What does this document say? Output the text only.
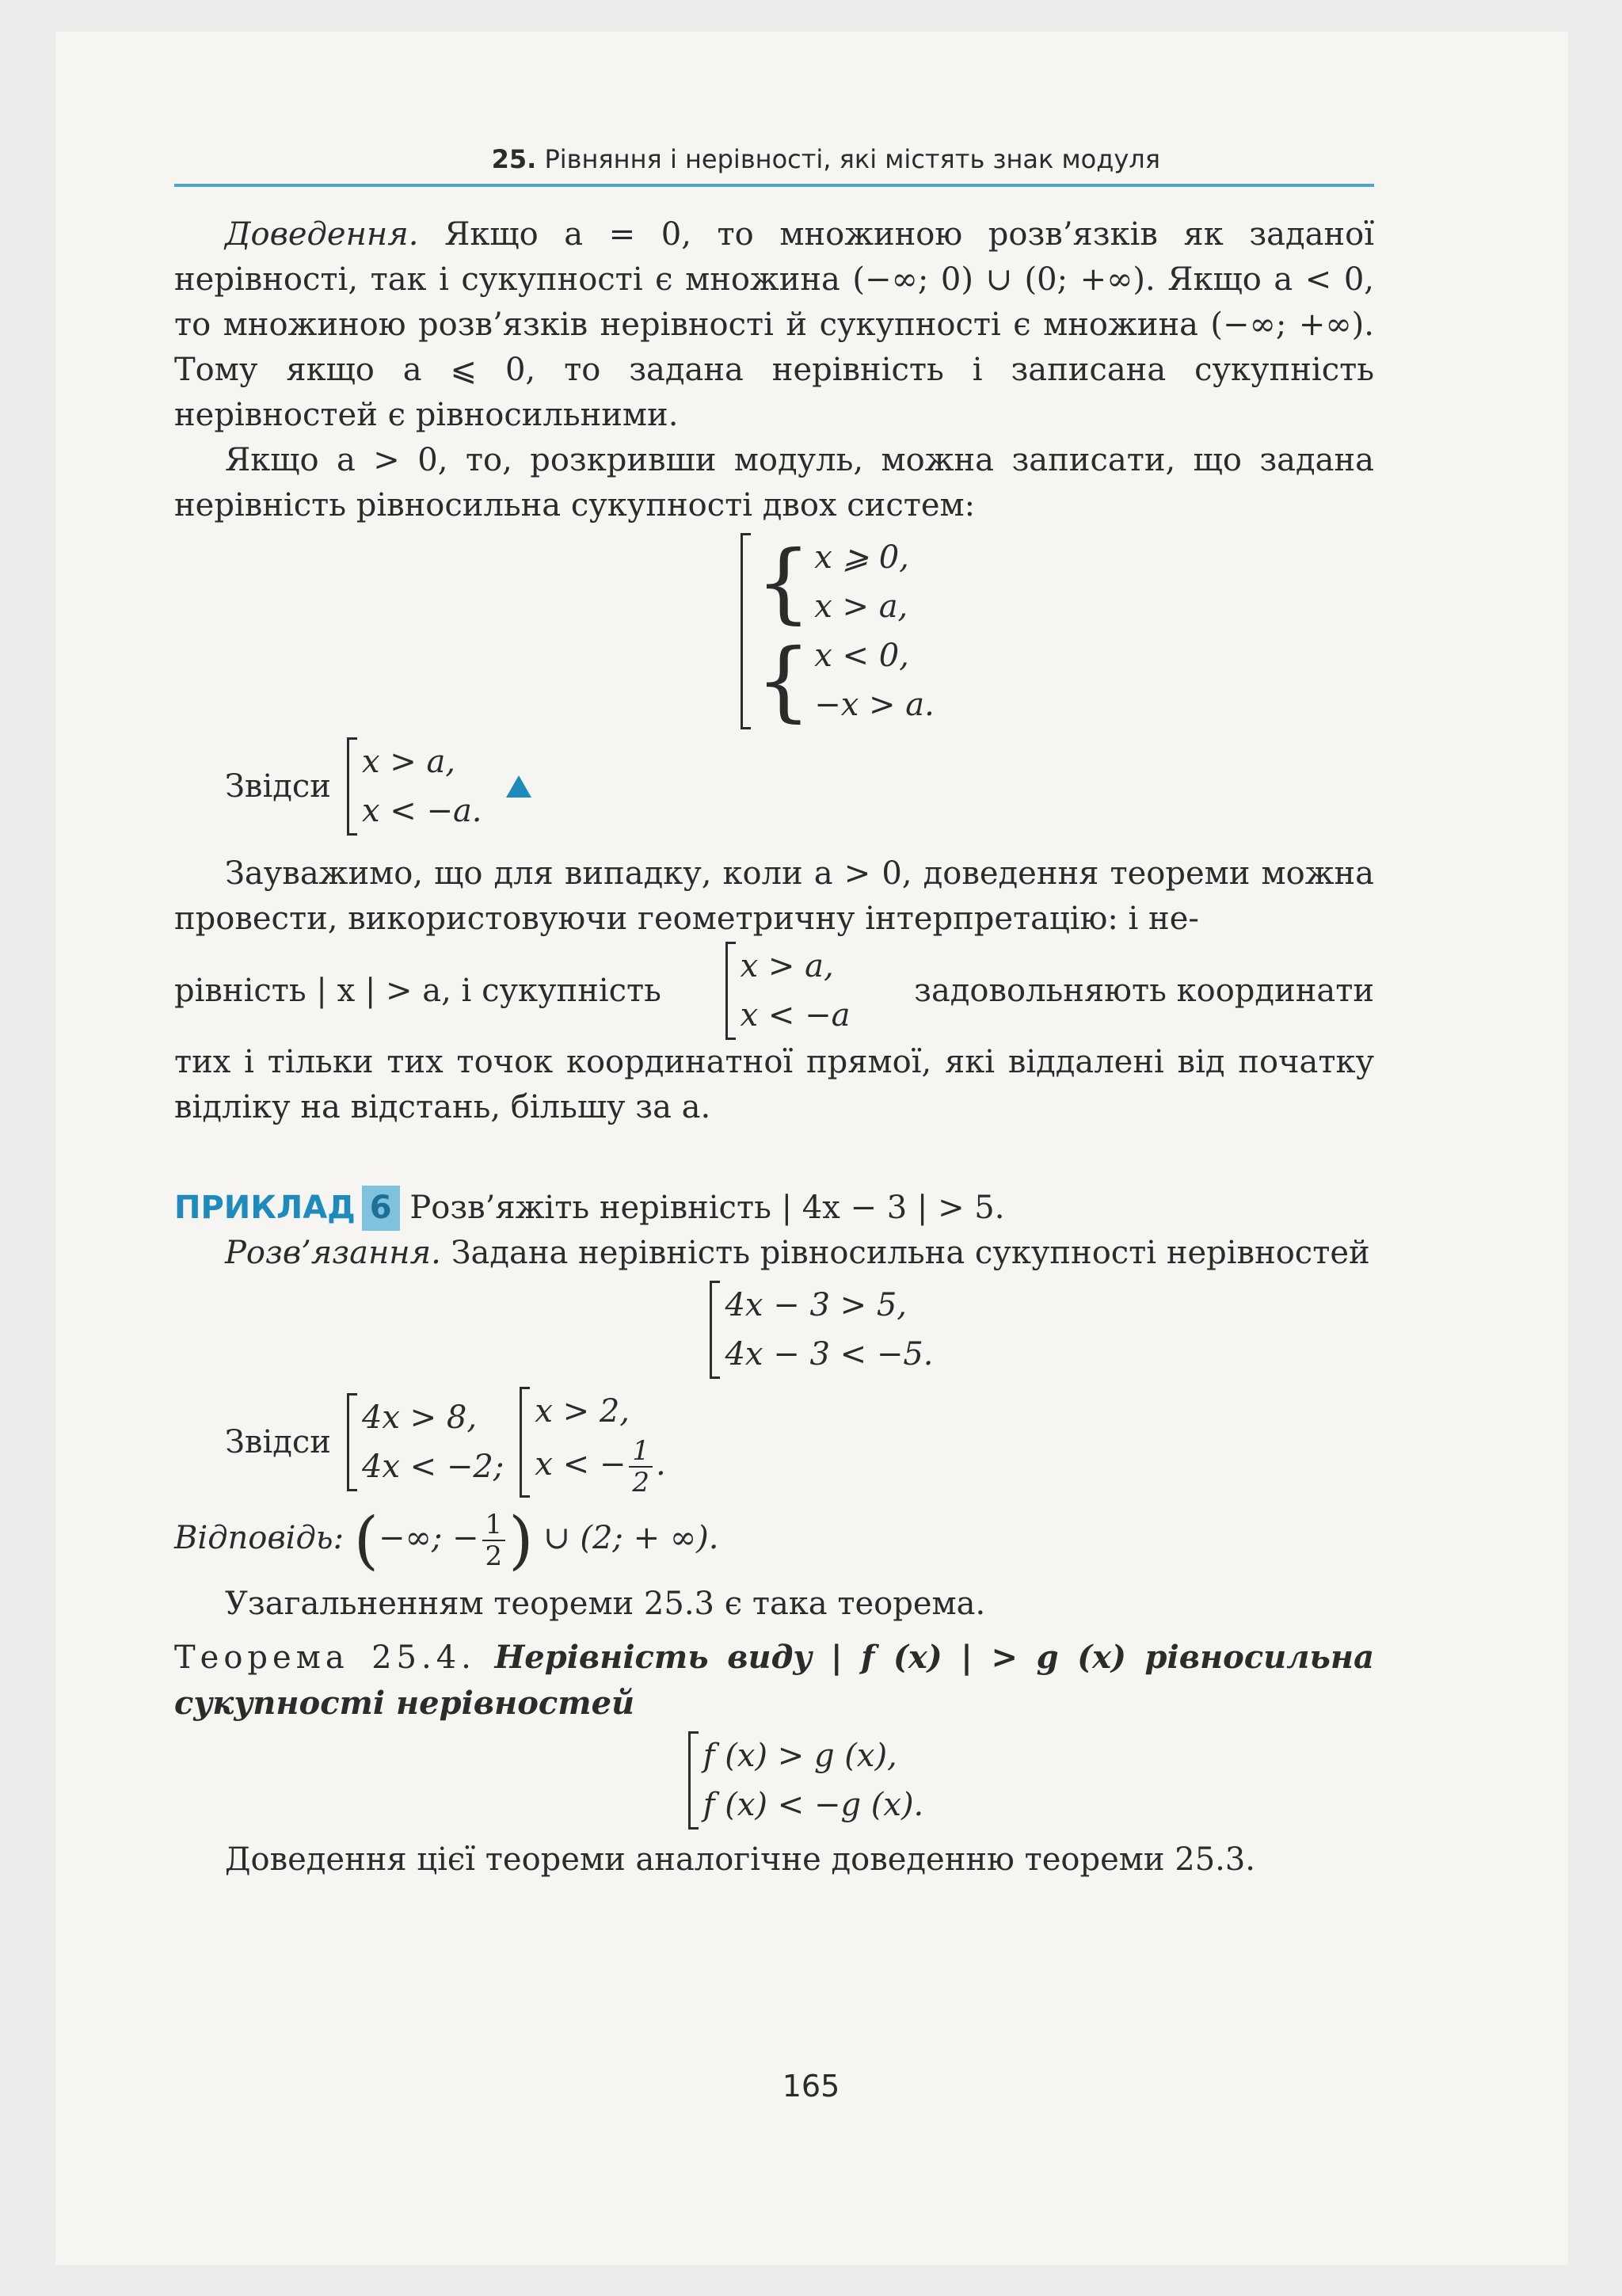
25. Рівняння і нерівності, які містять знак модуля

Доведення. Якщо a = 0, то множиною розв’язків як заданої нерівності, так і сукупності є множина (−∞; 0) ∪ (0; +∞). Якщо a < 0, то множиною розв’язків нерівності й сукупності є множина (−∞; +∞). Тому якщо a ⩽ 0, то задана нерівність і записана сукупність нерівностей є рівносильними.

Якщо a > 0, то, розкривши модуль, можна записати, що задана нерівність рівносильна сукупності двох систем:

{ x ⩾ 0,
x > a,
{ x < 0,
−x > a.
Звідси
x > a,
x < −a.

Зауважимо, що для випадку, коли a > 0, доведення теореми можна провести, використовуючи геометричну інтерпретацію: і не-

рівність | x | > a, і сукупність
x > a,
x < −a
задовольняють координати

тих і тільки тих точок координатної прямої, які віддалені від початку відліку на відстань, більшу за a.

ПРИКЛАД 6 Розв’яжіть нерівність | 4x − 3 | > 5.

Розв’язання. Задана нерівність рівносильна сукупності нерівностей

4x − 3 > 5,
4x − 3 < −5.
Звідси
4x > 8,
4x < −2;
x > 2,
x < − $\frac{1}{2}$ .

Відповідь: (−∞; − $\frac{1}{2}$ ) ∪ (2; + ∞).

Узагальненням теореми 25.3 є така теорема.

Теорема 25.4. Нерівність виду | f (x) | > g (x) рівносильна сукупності нерівностей

f (x) > g (x),
f (x) < −g (x).

Доведення цієї теореми аналогічне доведенню теореми 25.3.

165
